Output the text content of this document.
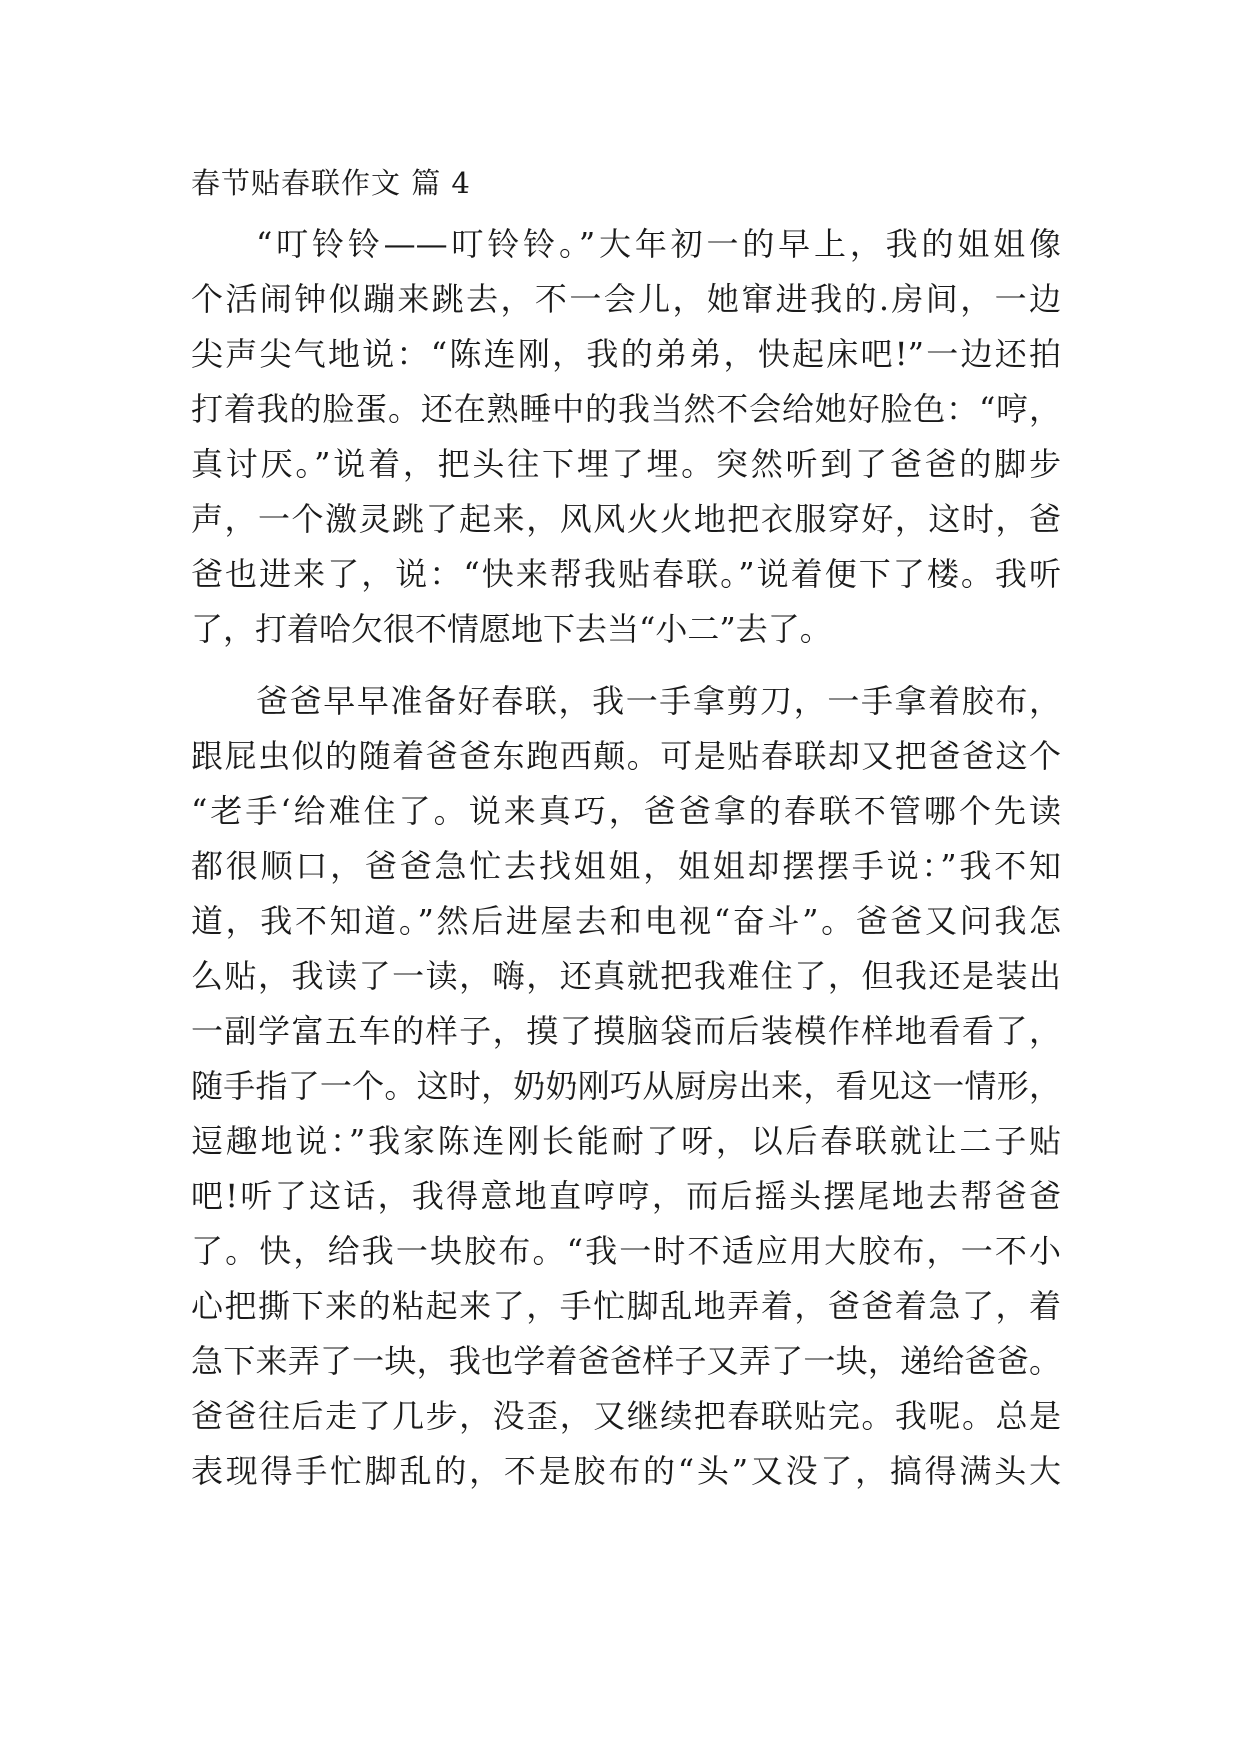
春节贴春联作文 篇 4
“叮铃铃——叮铃铃。”大年初一的早上，我的姐姐像
个活闹钟似蹦来跳去，不一会儿，她窜进我的.房间，一边
尖声尖气地说：“陈连刚，我的弟弟，快起床吧!”一边还拍
打着我的脸蛋。还在熟睡中的我当然不会给她好脸色：“哼，
真讨厌。”说着，把头往下埋了埋。突然听到了爸爸的脚步
声，一个激灵跳了起来，风风火火地把衣服穿好，这时，爸
爸也进来了，说：“快来帮我贴春联。”说着便下了楼。我听
了，打着哈欠很不情愿地下去当“小二”去了。
爸爸早早准备好春联，我一手拿剪刀，一手拿着胶布，
跟屁虫似的随着爸爸东跑西颠。可是贴春联却又把爸爸这个
“老手‘给难住了。说来真巧，爸爸拿的春联不管哪个先读
都很顺口，爸爸急忙去找姐姐，姐姐却摆摆手说：”我不知
道，我不知道。”然后进屋去和电视“奋斗”。爸爸又问我怎
么贴，我读了一读，嗨，还真就把我难住了，但我还是装出
一副学富五车的样子，摸了摸脑袋而后装模作样地看看了，
随手指了一个。这时，奶奶刚巧从厨房出来，看见这一情形，
逗趣地说：”我家陈连刚长能耐了呀，以后春联就让二子贴
吧!听了这话，我得意地直哼哼，而后摇头摆尾地去帮爸爸
了。快，给我一块胶布。“我一时不适应用大胶布，一不小
心把撕下来的粘起来了，手忙脚乱地弄着，爸爸着急了，着
急下来弄了一块，我也学着爸爸样子又弄了一块，递给爸爸。
爸爸往后走了几步，没歪，又继续把春联贴完。我呢。总是
表现得手忙脚乱的，不是胶布的“头”又没了，搞得满头大
